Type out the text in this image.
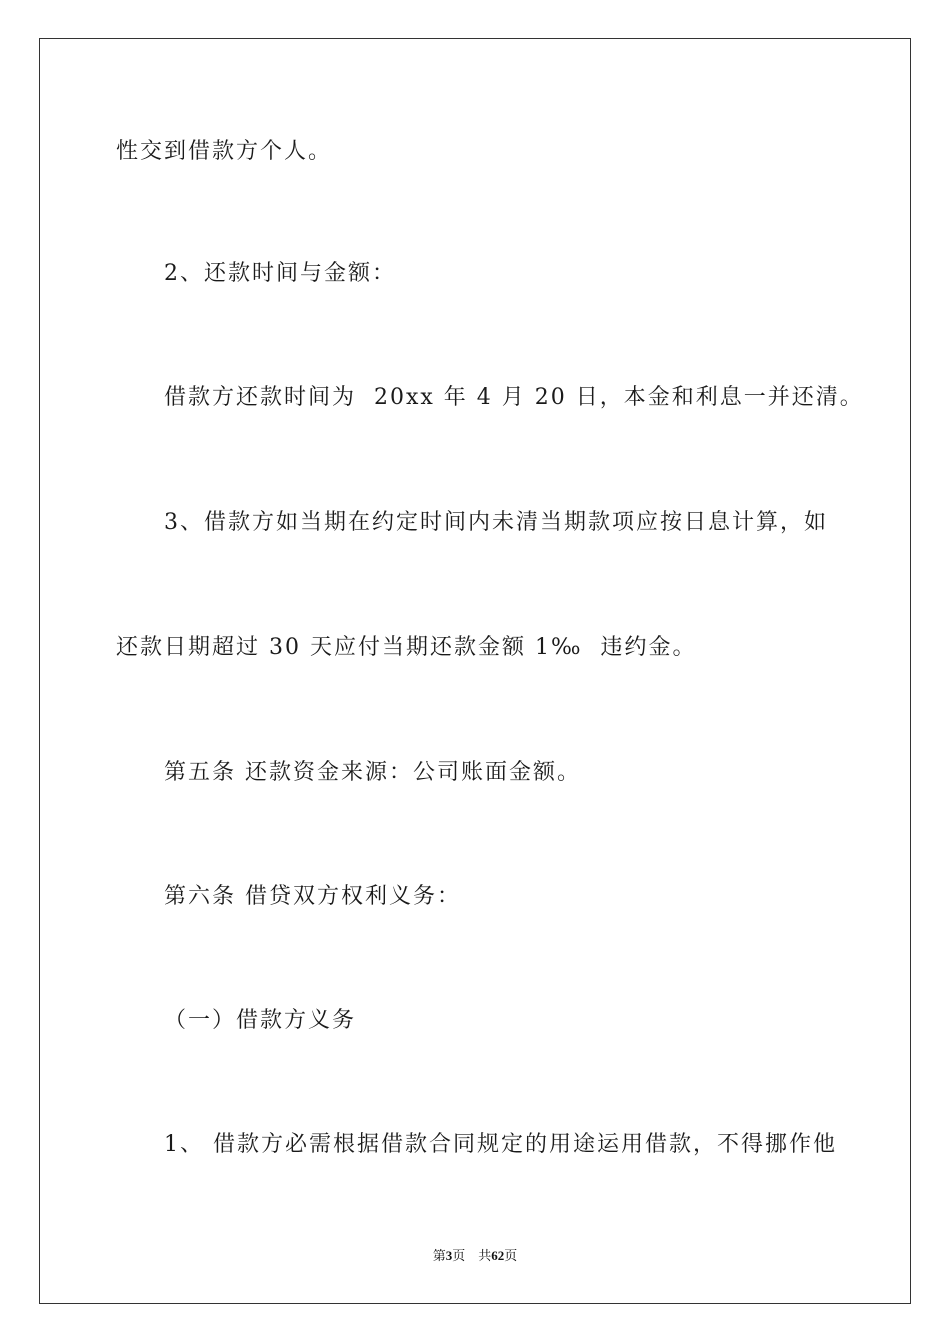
性交到借款方个人。
2、还款时间与金额：
借款方还款时间为  20xx 年 4 月 20 日，本金和利息一并还清。
3、借款方如当期在约定时间内未清当期款项应按日息计算，如
还款日期超过 30 天应付当期还款金额 1‰  违约金。
第五条 还款资金来源：公司账面金额。
第六条 借贷双方权利义务：
（一）借款方义务
1、 借款方必需根据借款合同规定的用途运用借款，不得挪作他
第3页 共62页
